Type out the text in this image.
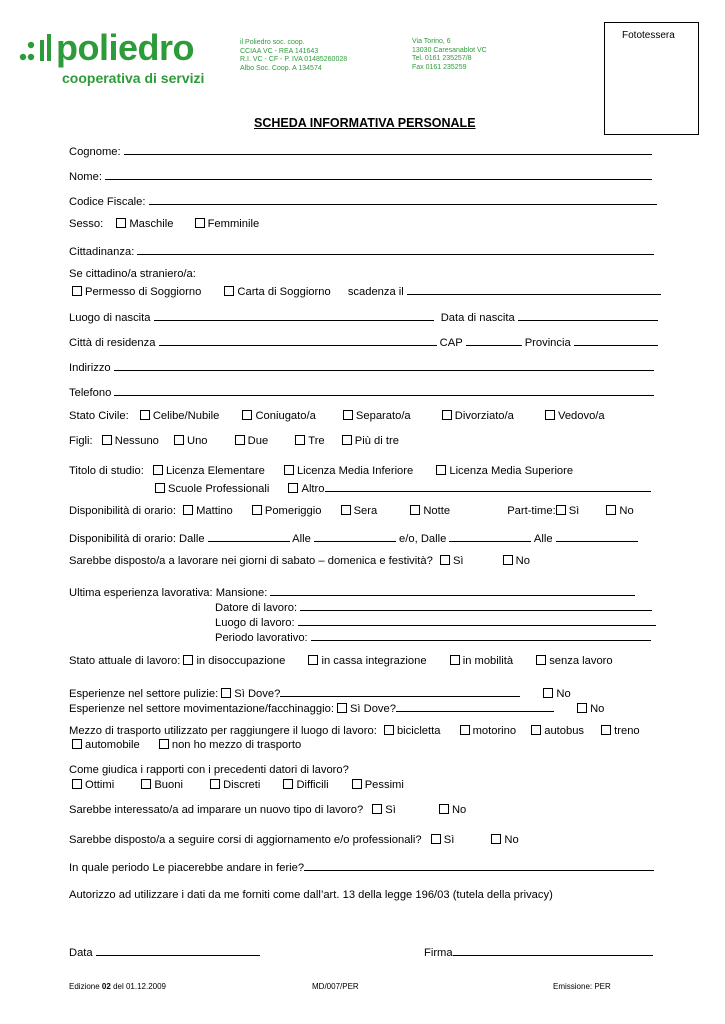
poliedro
cooperativa di servizi
il Poliedro soc. coop.
CCIAA VC - REA 141643
R.I. VC - CF - P. IVA 01485260028
Albo Soc. Coop. A 134574
Via Torino, 6
13030 Caresanablot VC
Tel. 0161 235257/8
Fax 0161 235259
Fototessera
SCHEDA INFORMATIVA PERSONALE
Cognome:
Nome:
Codice Fiscale:
Sesso: Maschile	Femminile
Cittadinanza:
Se cittadino/a straniero/a:
Permesso di Soggiorno	Carta di Soggiorno scadenza il
Luogo di nascita	Data di nascita
Città di residenza	CAP	Provincia
Indirizzo
Telefono
Stato Civile: Celibe/Nubile	Coniugato/a	Separato/a	Divorziato/a	Vedovo/a
Figli: Nessuno	Uno	Due	Tre	Più di tre
Titolo di studio: Licenza Elementare	Licenza Media Inferiore	Licenza Media Superiore
Scuole Professionali	Altro
Disponibilità di orario: Mattino	Pomeriggio	Sera	Notte	Part-time: Sì	No
Disponibilità di orario: Dalle	Alle	e/o, Dalle	Alle
Sarebbe disposto/a a lavorare nei giorni di sabato – domenica e festività? Sì	No
Ultima esperienza lavorativa: Mansione:
Datore di lavoro:
Luogo di lavoro:
Periodo lavorativo:
Stato attuale di lavoro: in disoccupazione	in cassa integrazione	in mobilità	senza lavoro
Esperienze nel settore pulizie: Sì Dove?	No
Esperienze nel settore movimentazione/facchinaggio: Sì Dove?	No
Mezzo di trasporto utilizzato per raggiungere il luogo di lavoro: bicicletta	motorino	autobus	treno
automobile	non ho mezzo di trasporto
Come giudica i rapporti con i precedenti datori di lavoro?
Ottimi	Buoni	Discreti	Difficili	Pessimi
Sarebbe interessato/a ad imparare un nuovo tipo di lavoro? Sì	No
Sarebbe disposto/a a seguire corsi di aggiornamento e/o professionali? Sì	No
In quale periodo Le piacerebbe andare in ferie?
Autorizzo ad utilizzare i dati da me forniti come dall’art. 13 della legge 196/03 (tutela della privacy)
Data	Firma
Edizione 02 del 01.12.2009	MD/007/PER	Emissione: PER
